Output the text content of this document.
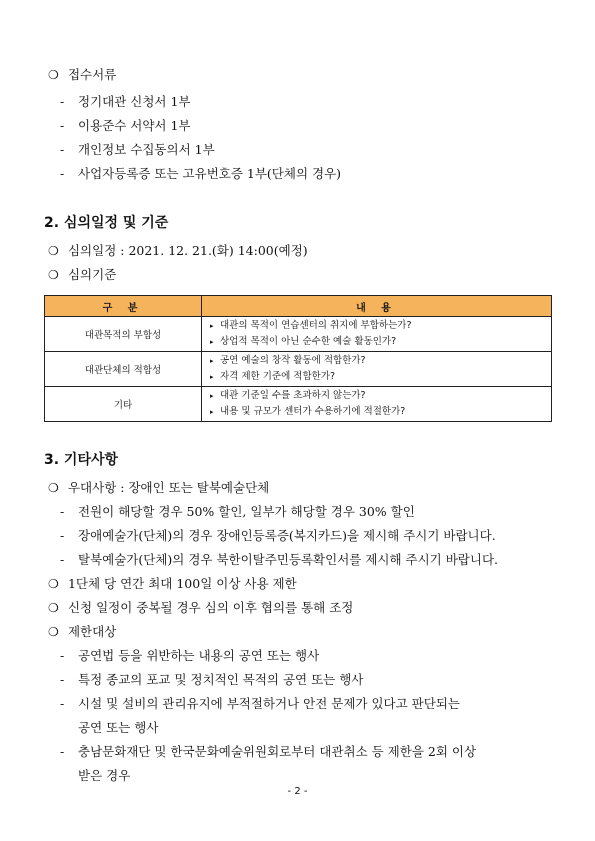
❍ 접수서류
- 정기대관 신청서 1부
- 이용준수 서약서 1부
- 개인정보 수집동의서 1부
- 사업자등록증 또는 고유번호증 1부(단체의 경우)
2. 심의일정 및 기준
❍ 심의일정 : 2021. 12. 21.(화) 14:00(예정)
❍ 심의기준
구 분	내 용
대관목적의 부합성	▸ 대관의 목적이 연습센터의 취지에 부합하는가?
▸ 상업적 목적이 아닌 순수한 예술 활동인가?

대관단체의 적합성	▸ 공연 예술의 창작 활동에 적합한가?
▸ 자격 제한 기준에 적합한가?

기타	▸ 대관 기준일 수를 초과하지 않는가?
▸ 내용 및 규모가 센터가 수용하기에 적절한가?
3. 기타사항
❍ 우대사항 : 장애인 또는 탈북예술단체
- 전원이 해당할 경우 50% 할인, 일부가 해당할 경우 30% 할인
- 장애예술가(단체)의 경우 장애인등록증(복지카드)을 제시해 주시기 바랍니다.
- 탈북예술가(단체)의 경우 북한이탈주민등록확인서를 제시해 주시기 바랍니다.
❍ 1단체 당 연간 최대 100일 이상 사용 제한
❍ 신청 일정이 중복될 경우 심의 이후 협의를 통해 조정
❍ 제한대상
- 공연법 등을 위반하는 내용의 공연 또는 행사
- 특정 종교의 포교 및 정치적인 목적의 공연 또는 행사
- 시설 및 설비의 관리유지에 부적절하거나 안전 문제가 있다고 판단되는
공연 또는 행사
- 충남문화재단 및 한국문화예술위원회로부터 대관취소 등 제한을 2회 이상
받은 경우
- 2 -
